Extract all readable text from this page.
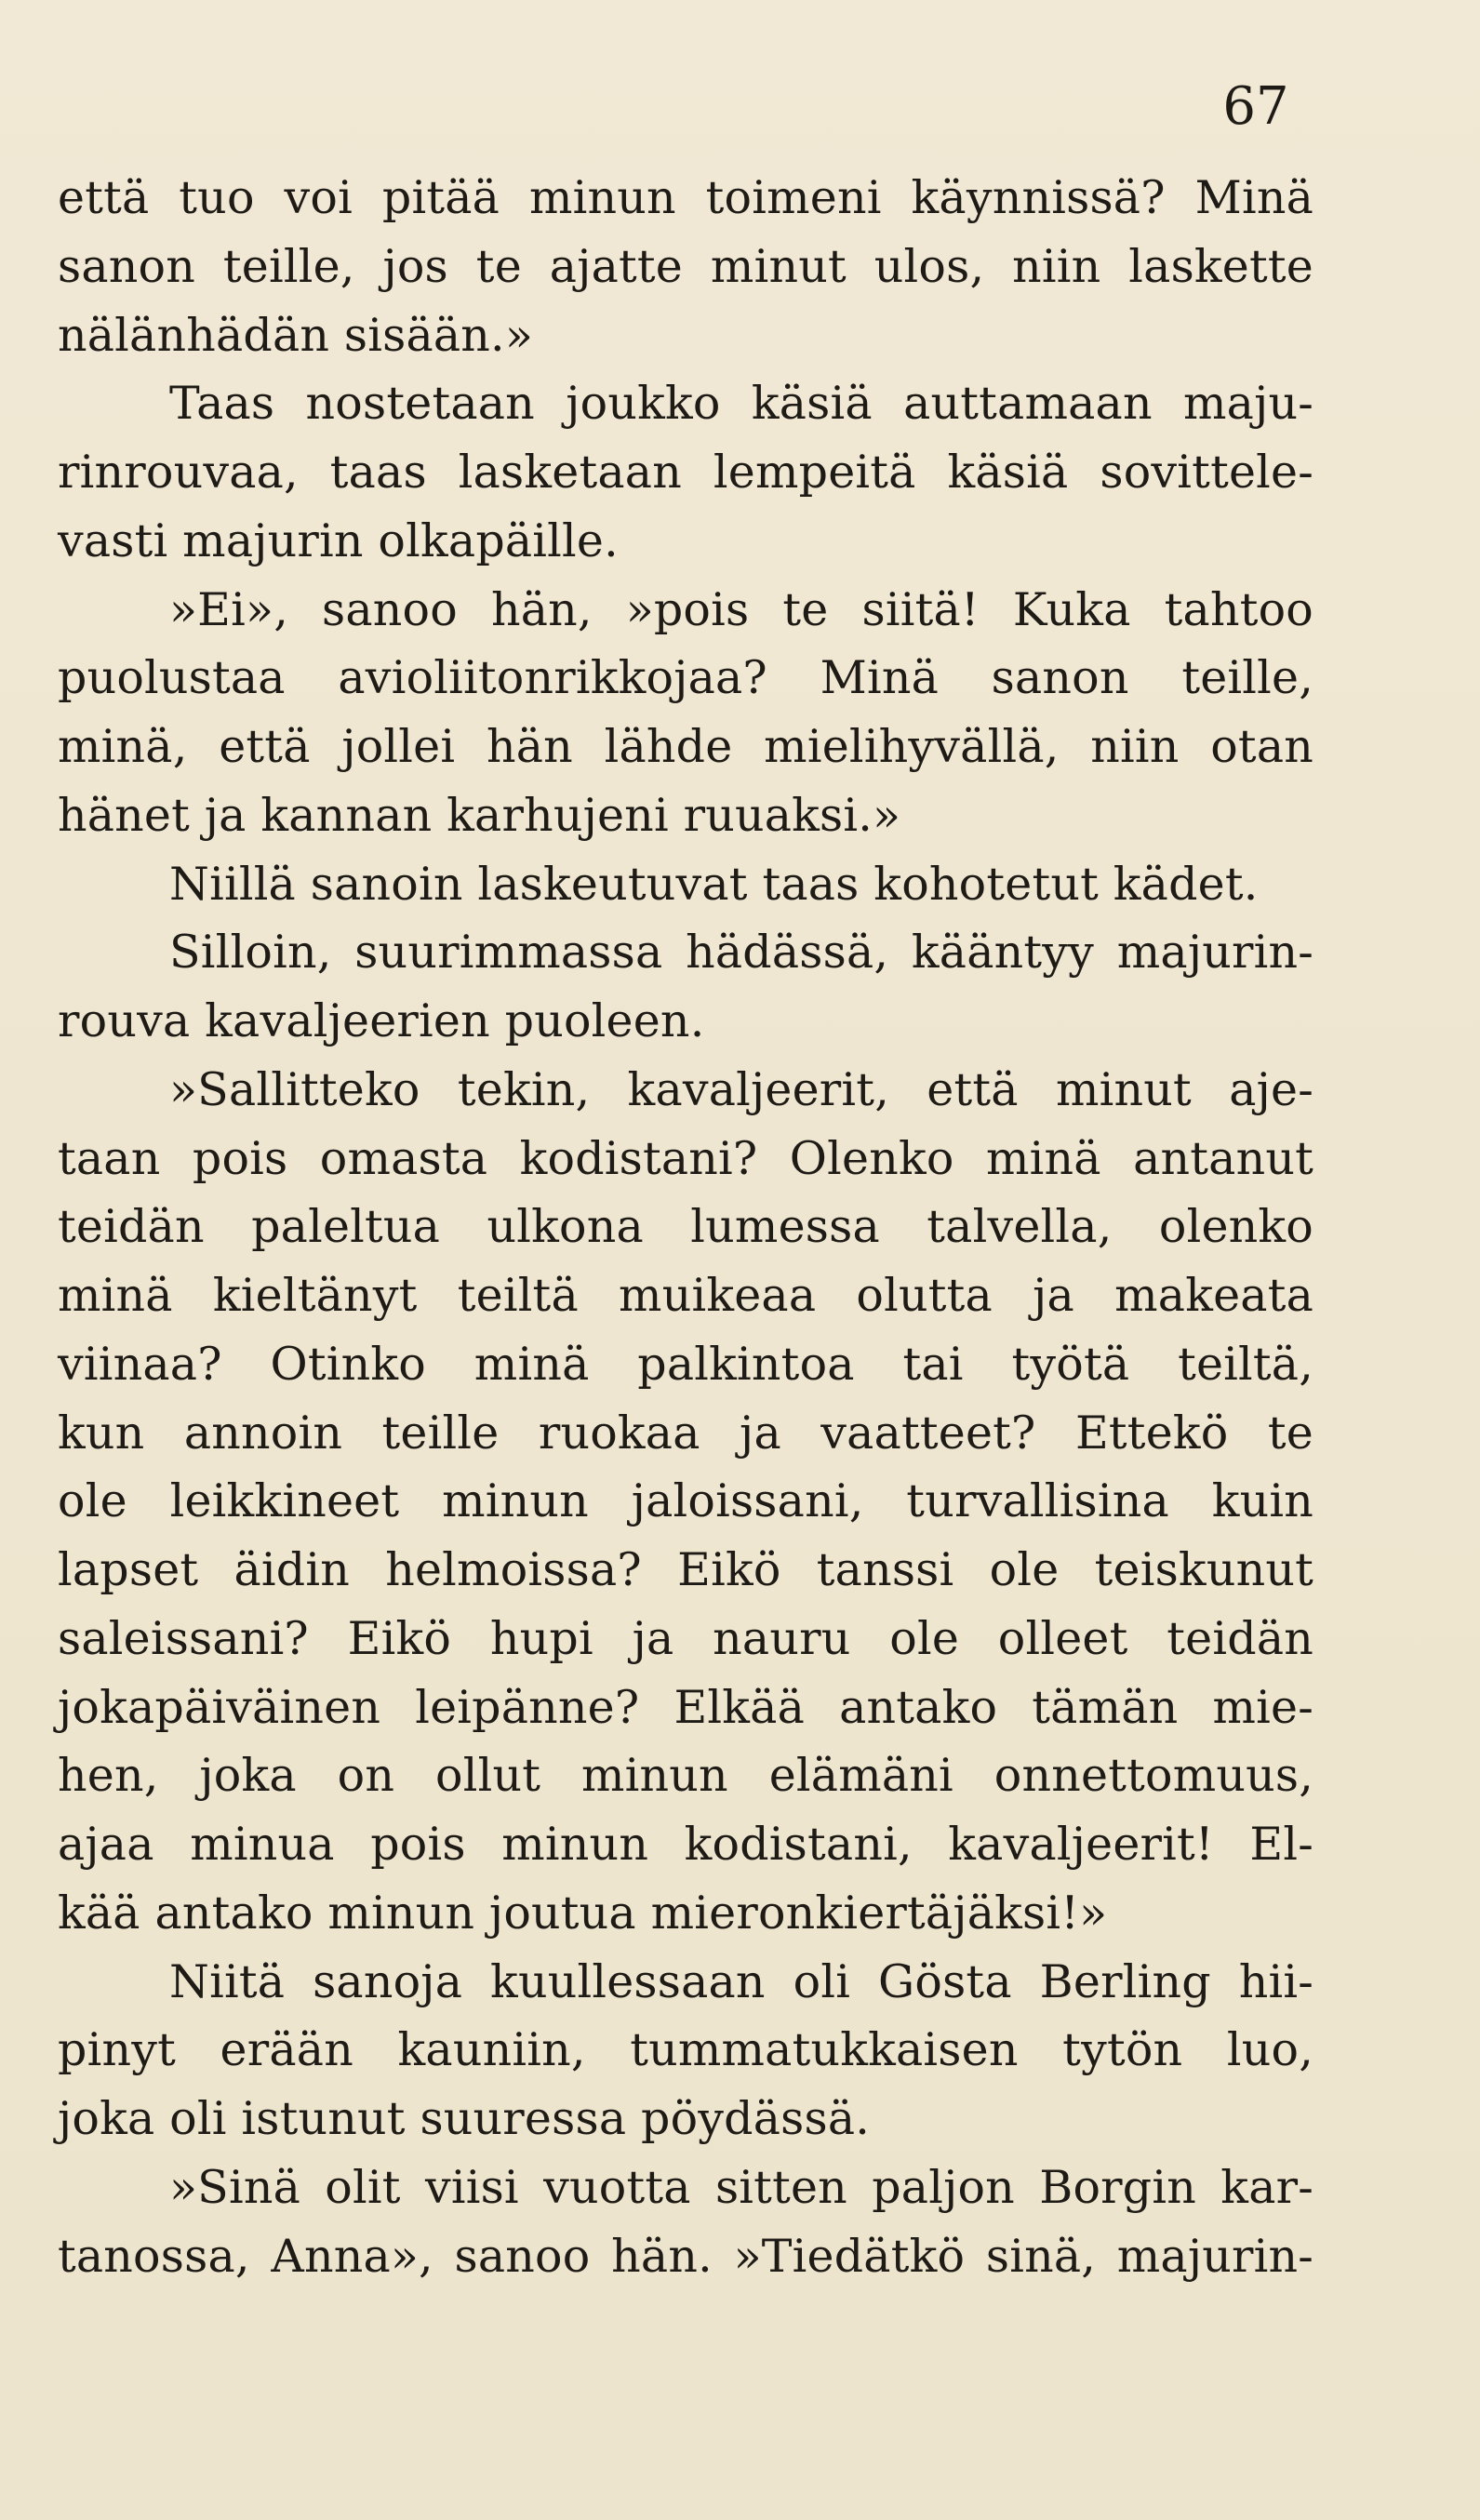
67
että tuo voi pitää minun toimeni käynnissä? Minä
sanon teille, jos te ajatte minut ulos, niin laskette
nälänhädän sisään.»
Taas nostetaan joukko käsiä auttamaan maju-
rinrouvaa, taas lasketaan lempeitä käsiä sovittele-
vasti majurin olkapäille.
»Ei», sanoo hän, »pois te siitä! Kuka tahtoo
puolustaa avioliitonrikkojaa? Minä sanon teille,
minä, että jollei hän lähde mielihyvällä, niin otan
hänet ja kannan karhujeni ruuaksi.»
Niillä sanoin laskeutuvat taas kohotetut kädet.
Silloin, suurimmassa hädässä, kääntyy majurin-
rouva kavaljeerien puoleen.
»Sallitteko tekin, kavaljeerit, että minut aje-
taan pois omasta kodistani? Olenko minä antanut
teidän paleltua ulkona lumessa talvella, olenko
minä kieltänyt teiltä muikeaa olutta ja makeata
viinaa? Otinko minä palkintoa tai työtä teiltä,
kun annoin teille ruokaa ja vaatteet? Ettekö te
ole leikkineet minun jaloissani, turvallisina kuin
lapset äidin helmoissa? Eikö tanssi ole teiskunut
saleissani? Eikö hupi ja nauru ole olleet teidän
jokapäiväinen leipänne? Elkää antako tämän mie-
hen, joka on ollut minun elämäni onnettomuus,
ajaa minua pois minun kodistani, kavaljeerit! El-
kää antako minun joutua mieronkiertäjäksi!»
Niitä sanoja kuullessaan oli Gösta Berling hii-
pinyt erään kauniin, tummatukkaisen tytön luo,
joka oli istunut suuressa pöydässä.
»Sinä olit viisi vuotta sitten paljon Borgin kar-
tanossa, Anna», sanoo hän. »Tiedätkö sinä, majurin-
